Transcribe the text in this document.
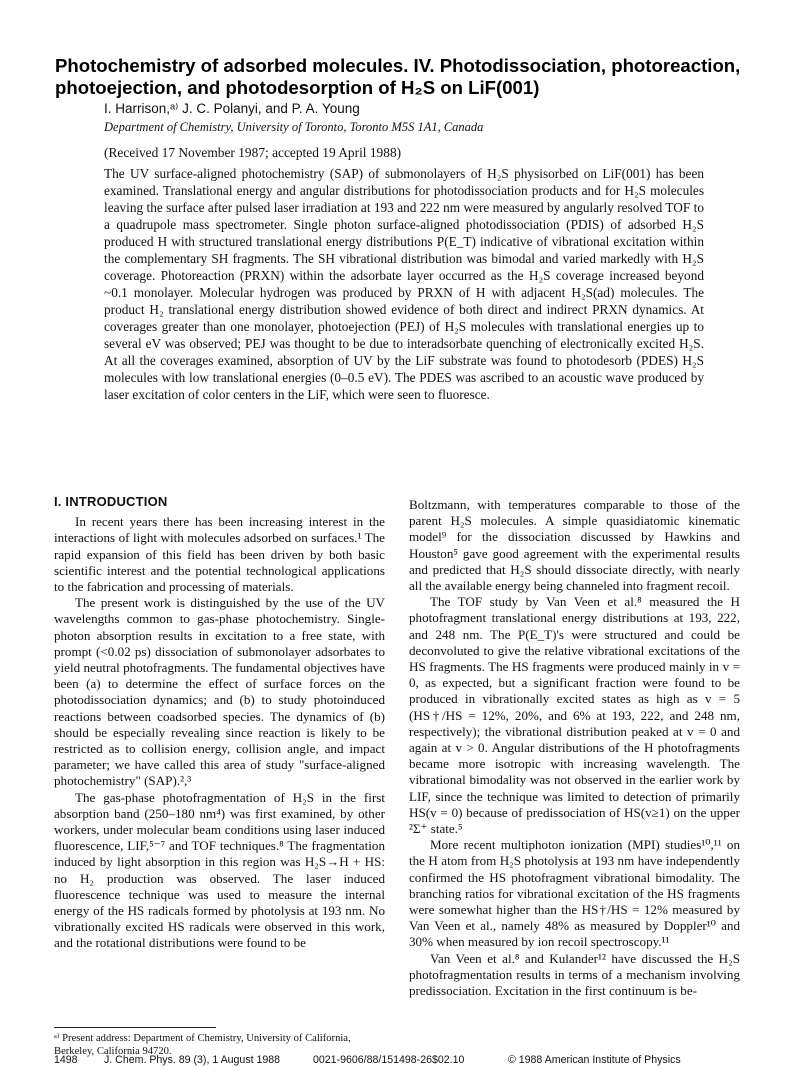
Photochemistry of adsorbed molecules. IV. Photodissociation, photoreaction, photoejection, and photodesorption of H₂S on LiF(001)
I. Harrison,ᵃ⁾ J. C. Polanyi, and P. A. Young
Department of Chemistry, University of Toronto, Toronto M5S 1A1, Canada
(Received 17 November 1987; accepted 19 April 1988)
The UV surface-aligned photochemistry (SAP) of submonolayers of H₂S physisorbed on LiF(001) has been examined. Translational energy and angular distributions for photodissociation products and for H₂S molecules leaving the surface after pulsed laser irradiation at 193 and 222 nm were measured by angularly resolved TOF to a quadrupole mass spectrometer. Single photon surface-aligned photodissociation (PDIS) of adsorbed H₂S produced H with structured translational energy distributions P(E_T) indicative of vibrational excitation within the complementary SH fragments. The SH vibrational distribution was bimodal and varied markedly with H₂S coverage. Photoreaction (PRXN) within the adsorbate layer occurred as the H₂S coverage increased beyond ~0.1 monolayer. Molecular hydrogen was produced by PRXN of H with adjacent H₂S(ad) molecules. The product H₂ translational energy distribution showed evidence of both direct and indirect PRXN dynamics. At coverages greater than one monolayer, photoejection (PEJ) of H₂S molecules with translational energies up to several eV was observed; PEJ was thought to be due to interadsorbate quenching of electronically excited H₂S. At all the coverages examined, absorption of UV by the LiF substrate was found to photodesorb (PDES) H₂S molecules with low translational energies (0–0.5 eV). The PDES was ascribed to an acoustic wave produced by laser excitation of color centers in the LiF, which were seen to fluoresce.
I. INTRODUCTION

In recent years there has been increasing interest in the interactions of light with molecules adsorbed on surfaces.¹ The rapid expansion of this field has been driven by both basic scientific interest and the potential technological applications to the fabrication and processing of materials.

The present work is distinguished by the use of the UV wavelengths common to gas-phase photochemistry. Single-photon absorption results in excitation to a free state, with prompt (<0.02 ps) dissociation of submonolayer adsorbates to yield neutral photofragments. The fundamental objectives have been (a) to determine the effect of surface forces on the photodissociation dynamics; and (b) to study photoinduced reactions between coadsorbed species. The dynamics of (b) should be especially revealing since reaction is likely to be restricted as to collision energy, collision angle, and impact parameter; we have called this area of study "surface-aligned photochemistry" (SAP).²,³

The gas-phase photofragmentation of H₂S in the first absorption band (250–180 nm⁴) was first examined, by other workers, under molecular beam conditions using laser induced fluorescence, LIF,⁵⁻⁷ and TOF techniques.⁸ The fragmentation induced by light absorption in this region was H₂S→H + HS: no H₂ production was observed. The laser induced fluorescence technique was used to measure the internal energy of the HS radicals formed by photolysis at 193 nm. No vibrationally excited HS radicals were observed in this work, and the rotational distributions were found to be

Boltzmann, with temperatures comparable to those of the parent H₂S molecules. A simple quasidiatomic kinematic model⁹ for the dissociation discussed by Hawkins and Houston⁵ gave good agreement with the experimental results and predicted that H₂S should dissociate directly, with nearly all the available energy being channeled into fragment recoil.

The TOF study by Van Veen et al.⁸ measured the H photofragment translational energy distributions at 193, 222, and 248 nm. The P(E_T)'s were structured and could be deconvoluted to give the relative vibrational excitations of the HS fragments. The HS fragments were produced mainly in v = 0, as expected, but a significant fraction were found to be produced in vibrationally excited states as high as v = 5 (HS†/HS = 12%, 20%, and 6% at 193, 222, and 248 nm, respectively); the vibrational distribution peaked at v = 0 and again at v > 0. Angular distributions of the H photofragments became more isotropic with increasing wavelength. The vibrational bimodality was not observed in the earlier work by LIF, since the technique was limited to detection of primarily HS(v = 0) because of predissociation of HS(v≥1) on the upper ²Σ⁺ state.⁵

More recent multiphoton ionization (MPI) studies¹⁰,¹¹ on the H atom from H₂S photolysis at 193 nm have independently confirmed the HS photofragment vibrational bimodality. The branching ratios for vibrational excitation of the HS fragments were somewhat higher than the HS†/HS = 12% measured by Van Veen et al., namely 48% as measured by Doppler¹⁰ and 30% when measured by ion recoil spectroscopy.¹¹

Van Veen et al.⁸ and Kulander¹² have discussed the H₂S photofragmentation results in terms of a mechanism involving predissociation. Excitation in the first continuum is be-

ᵃ⁾ Present address: Department of Chemistry, University of California, Berkeley, California 94720.
1498 J. Chem. Phys. 89 (3), 1 August 1988	0021-9606/88/151498-26$02.10	© 1988 American Institute of Physics
